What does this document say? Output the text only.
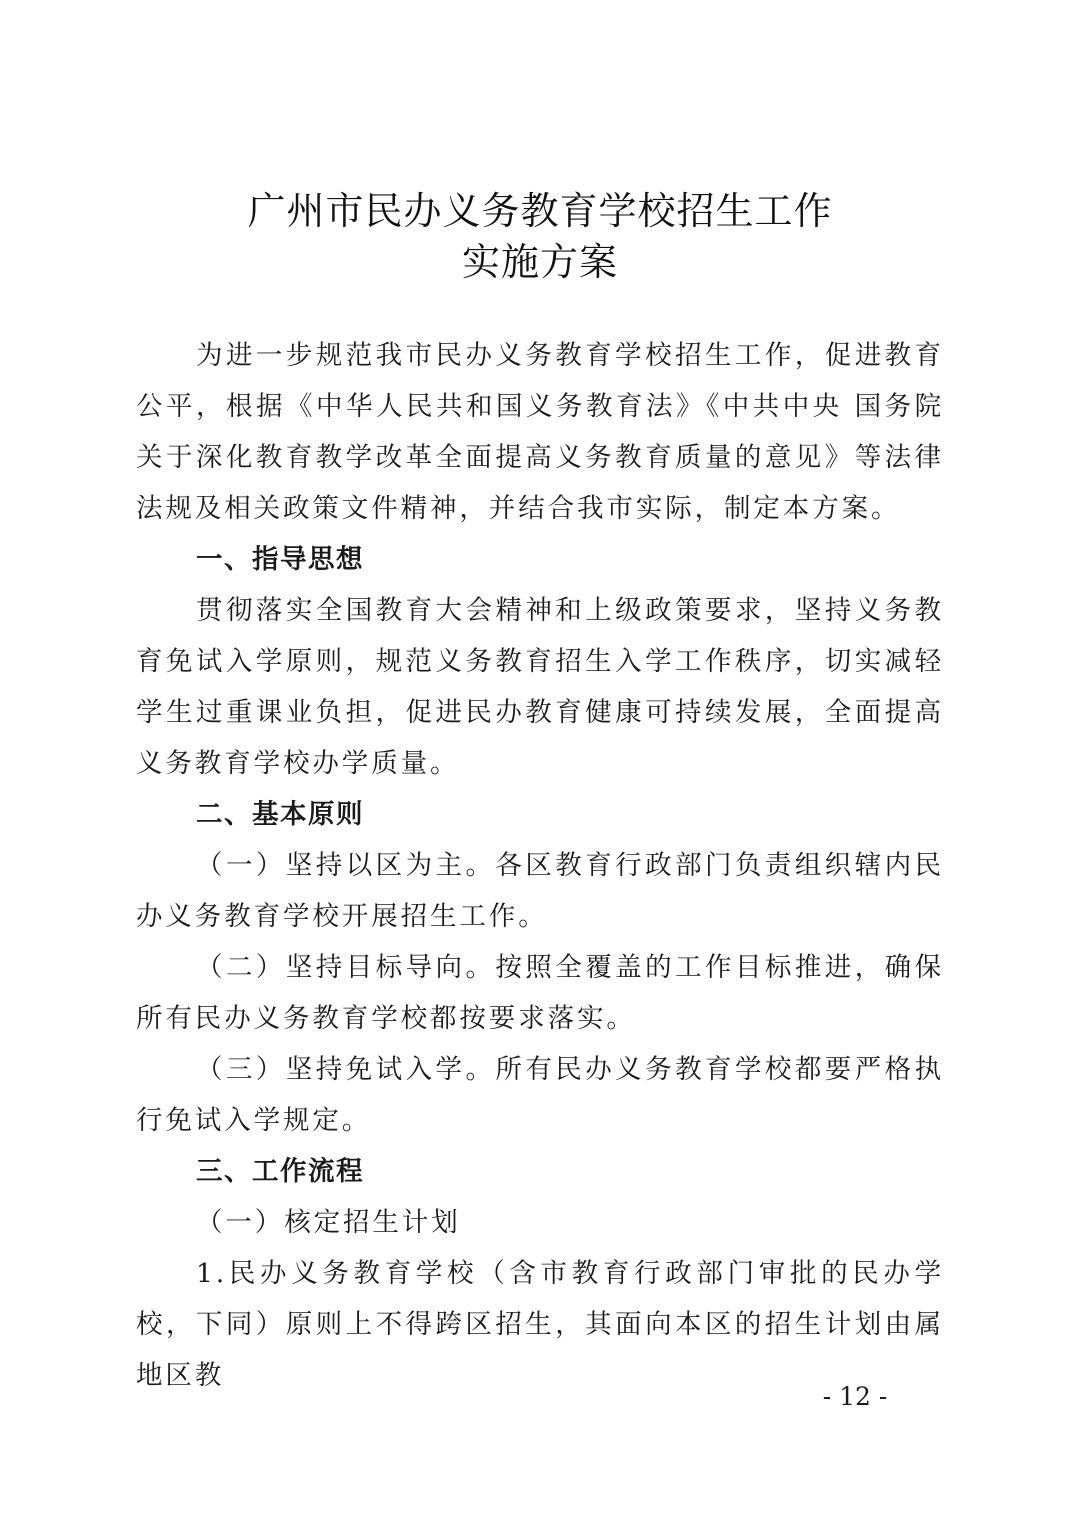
广州市民办义务教育学校招生工作
实施方案

为进一步规范我市民办义务教育学校招生工作，促进教育公平，根据《中华人民共和国义务教育法》《中共中央 国务院关于深化教育教学改革全面提高义务教育质量的意见》等法律法规及相关政策文件精神，并结合我市实际，制定本方案。

一、指导思想

贯彻落实全国教育大会精神和上级政策要求，坚持义务教育免试入学原则，规范义务教育招生入学工作秩序，切实减轻学生过重课业负担，促进民办教育健康可持续发展，全面提高义务教育学校办学质量。

二、基本原则

（一）坚持以区为主。各区教育行政部门负责组织辖内民办义务教育学校开展招生工作。

（二）坚持目标导向。按照全覆盖的工作目标推进，确保所有民办义务教育学校都按要求落实。

（三）坚持免试入学。所有民办义务教育学校都要严格执行免试入学规定。

三、工作流程

（一）核定招生计划

1.民办义务教育学校（含市教育行政部门审批的民办学校，下同）原则上不得跨区招生，其面向本区的招生计划由属地区教

- 12 -
